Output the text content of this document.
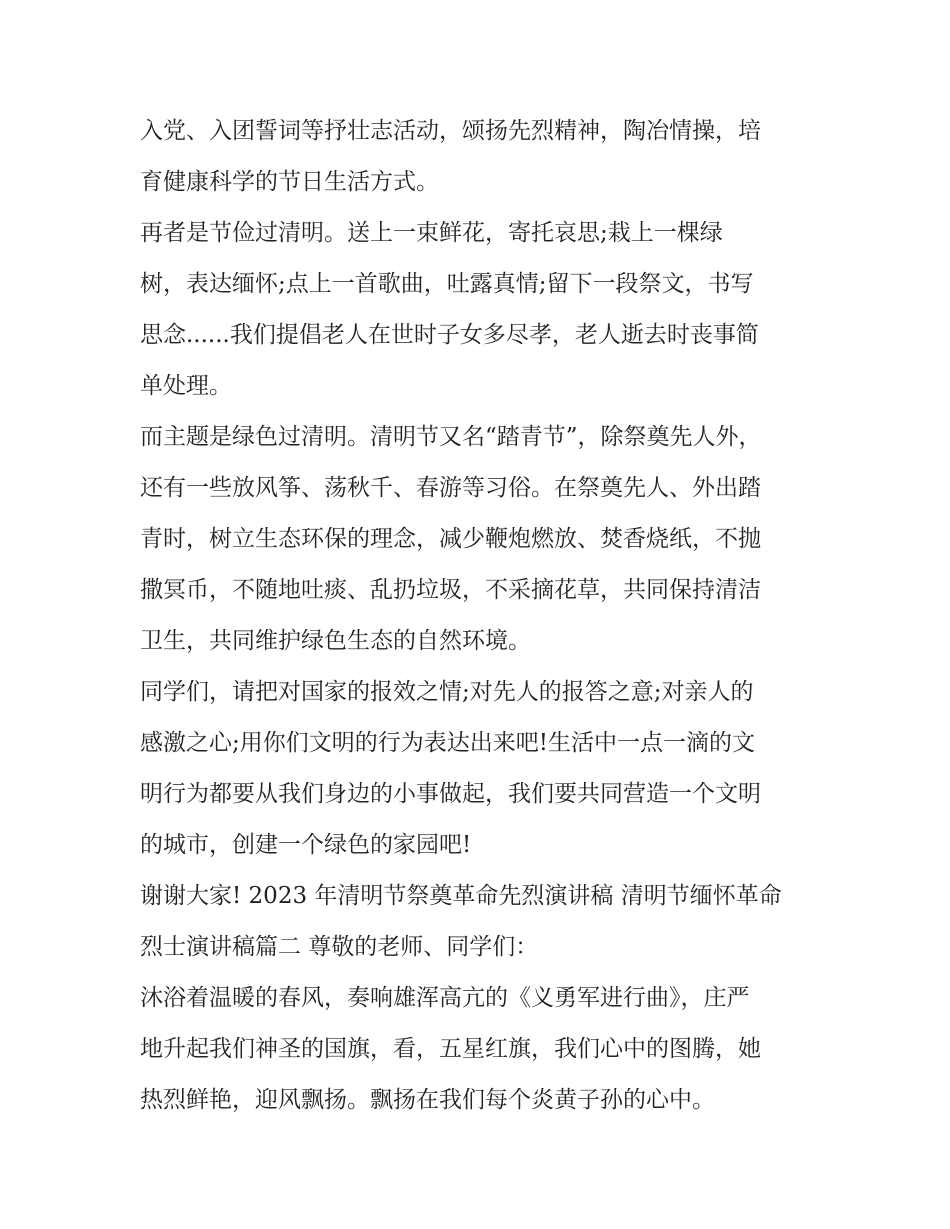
入党、入团誓词等抒壮志活动，颂扬先烈精神，陶冶情操，培

育健康科学的节日生活方式。

再者是节俭过清明。送上一束鲜花，寄托哀思;栽上一棵绿

树，表达缅怀;点上一首歌曲，吐露真情;留下一段祭文，书写

思念......我们提倡老人在世时子女多尽孝，老人逝去时丧事简

单处理。

而主题是绿色过清明。清明节又名“踏青节”，除祭奠先人外，

还有一些放风筝、荡秋千、春游等习俗。在祭奠先人、外出踏

青时，树立生态环保的理念，减少鞭炮燃放、焚香烧纸，不抛

撒冥币，不随地吐痰、乱扔垃圾，不采摘花草，共同保持清洁

卫生，共同维护绿色生态的自然环境。

同学们，请把对国家的报效之情;对先人的报答之意;对亲人的

感激之心;用你们文明的行为表达出来吧!生活中一点一滴的文

明行为都要从我们身边的小事做起，我们要共同营造一个文明

的城市，创建一个绿色的家园吧!

谢谢大家! 2023 年清明节祭奠革命先烈演讲稿 清明节缅怀革命

烈士演讲稿篇二 尊敬的老师、同学们：

沐浴着温暖的春风，奏响雄浑高亢的《义勇军进行曲》，庄严

地升起我们神圣的国旗，看，五星红旗，我们心中的图腾，她

热烈鲜艳，迎风飘扬。飘扬在我们每个炎黄子孙的心中。
